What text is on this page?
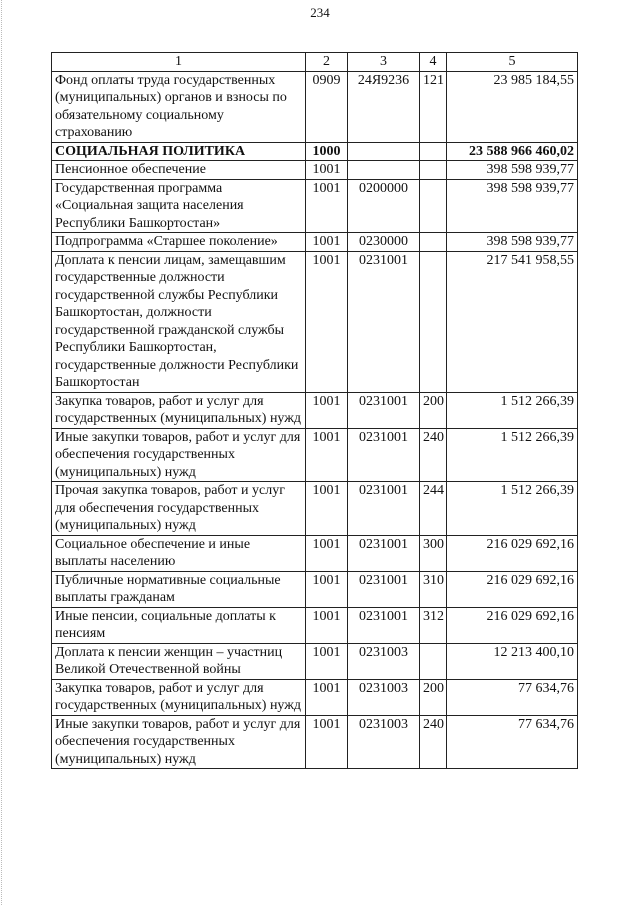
234
1	2	3	4	5
Фонд оплаты труда государственных (муниципальных) органов и взносы по обязательному социальному страхованию	0909	24Я9236	121	23 985 184,55
СОЦИАЛЬНАЯ ПОЛИТИКА	1000			23 588 966 460,02
Пенсионное обеспечение	1001			398 598 939,77
Государственная программа «Социальная защита населения Республики Башкортостан»	1001	0200000		398 598 939,77
Подпрограмма «Старшее поколение»	1001	0230000		398 598 939,77
Доплата к пенсии лицам, замещавшим государственные должности государственной службы Республики Башкортостан, должности государственной гражданской службы Республики Башкортостан, государственные должности Республики Башкортостан	1001	0231001		217 541 958,55
Закупка товаров, работ и услуг для государственных (муниципальных) нужд	1001	0231001	200	1 512 266,39
Иные закупки товаров, работ и услуг для обеспечения государственных (муниципальных) нужд	1001	0231001	240	1 512 266,39
Прочая закупка товаров, работ и услуг для обеспечения государственных (муниципальных) нужд	1001	0231001	244	1 512 266,39
Социальное обеспечение и иные выплаты населению	1001	0231001	300	216 029 692,16
Публичные нормативные социальные выплаты гражданам	1001	0231001	310	216 029 692,16
Иные пенсии, социальные доплаты к пенсиям	1001	0231001	312	216 029 692,16
Доплата к пенсии женщин – участниц Великой Отечественной войны	1001	0231003		12 213 400,10
Закупка товаров, работ и услуг для государственных (муниципальных) нужд	1001	0231003	200	77 634,76
Иные закупки товаров, работ и услуг для обеспечения государственных (муниципальных) нужд	1001	0231003	240	77 634,76
